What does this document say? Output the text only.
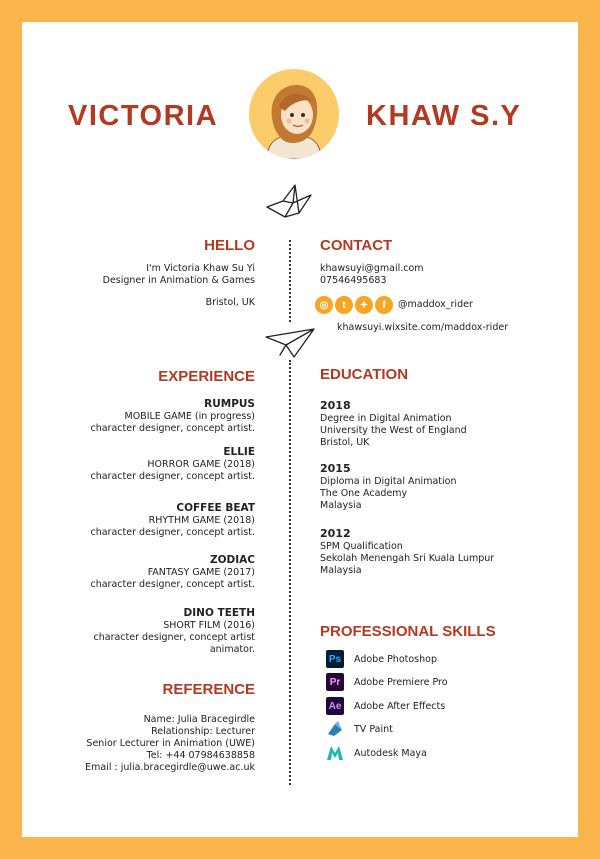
VICTORIA	KHAW S.Y
HELLO
I'm Victoria Khaw Su Yi
Designer in Animation & Games
Bristol, UK
CONTACT
khawsuyi@gmail.com
07546495683
◎	t	✦	f	@maddox_rider
khawsuyi.wixsite.com/maddox-rider
EXPERIENCE
RUMPUS
MOBILE GAME (in progress)
character designer, concept artist.
ELLIE
HORROR GAME (2018)
character designer, concept artist.
COFFEE BEAT
RHYTHM GAME (2018)
character designer, concept artist.
ZODIAC
FANTASY GAME (2017)
character designer, concept artist.
DINO TEETH
SHORT FILM (2016)
character designer, concept artist
animator.
REFERENCE
Name: Julia Bracegirdle
Relationship: Lecturer
Senior Lecturer in Animation (UWE)
Tel: +44 07984638858
Email : julia.bracegirdle@uwe.ac.uk
EDUCATION
2018
Degree in Digital Animation
University the West of England
Bristol, UK
2015
Diploma in Digital Animation
The One Academy
Malaysia
2012
SPM Qualification
Sekolah Menengah Sri Kuala Lumpur
Malaysia
PROFESSIONAL SKILLS
Ps	Adobe Photoshop
Pr	Adobe Premiere Pro
Ae Adobe After Effects
TV Paint
Autodesk Maya
